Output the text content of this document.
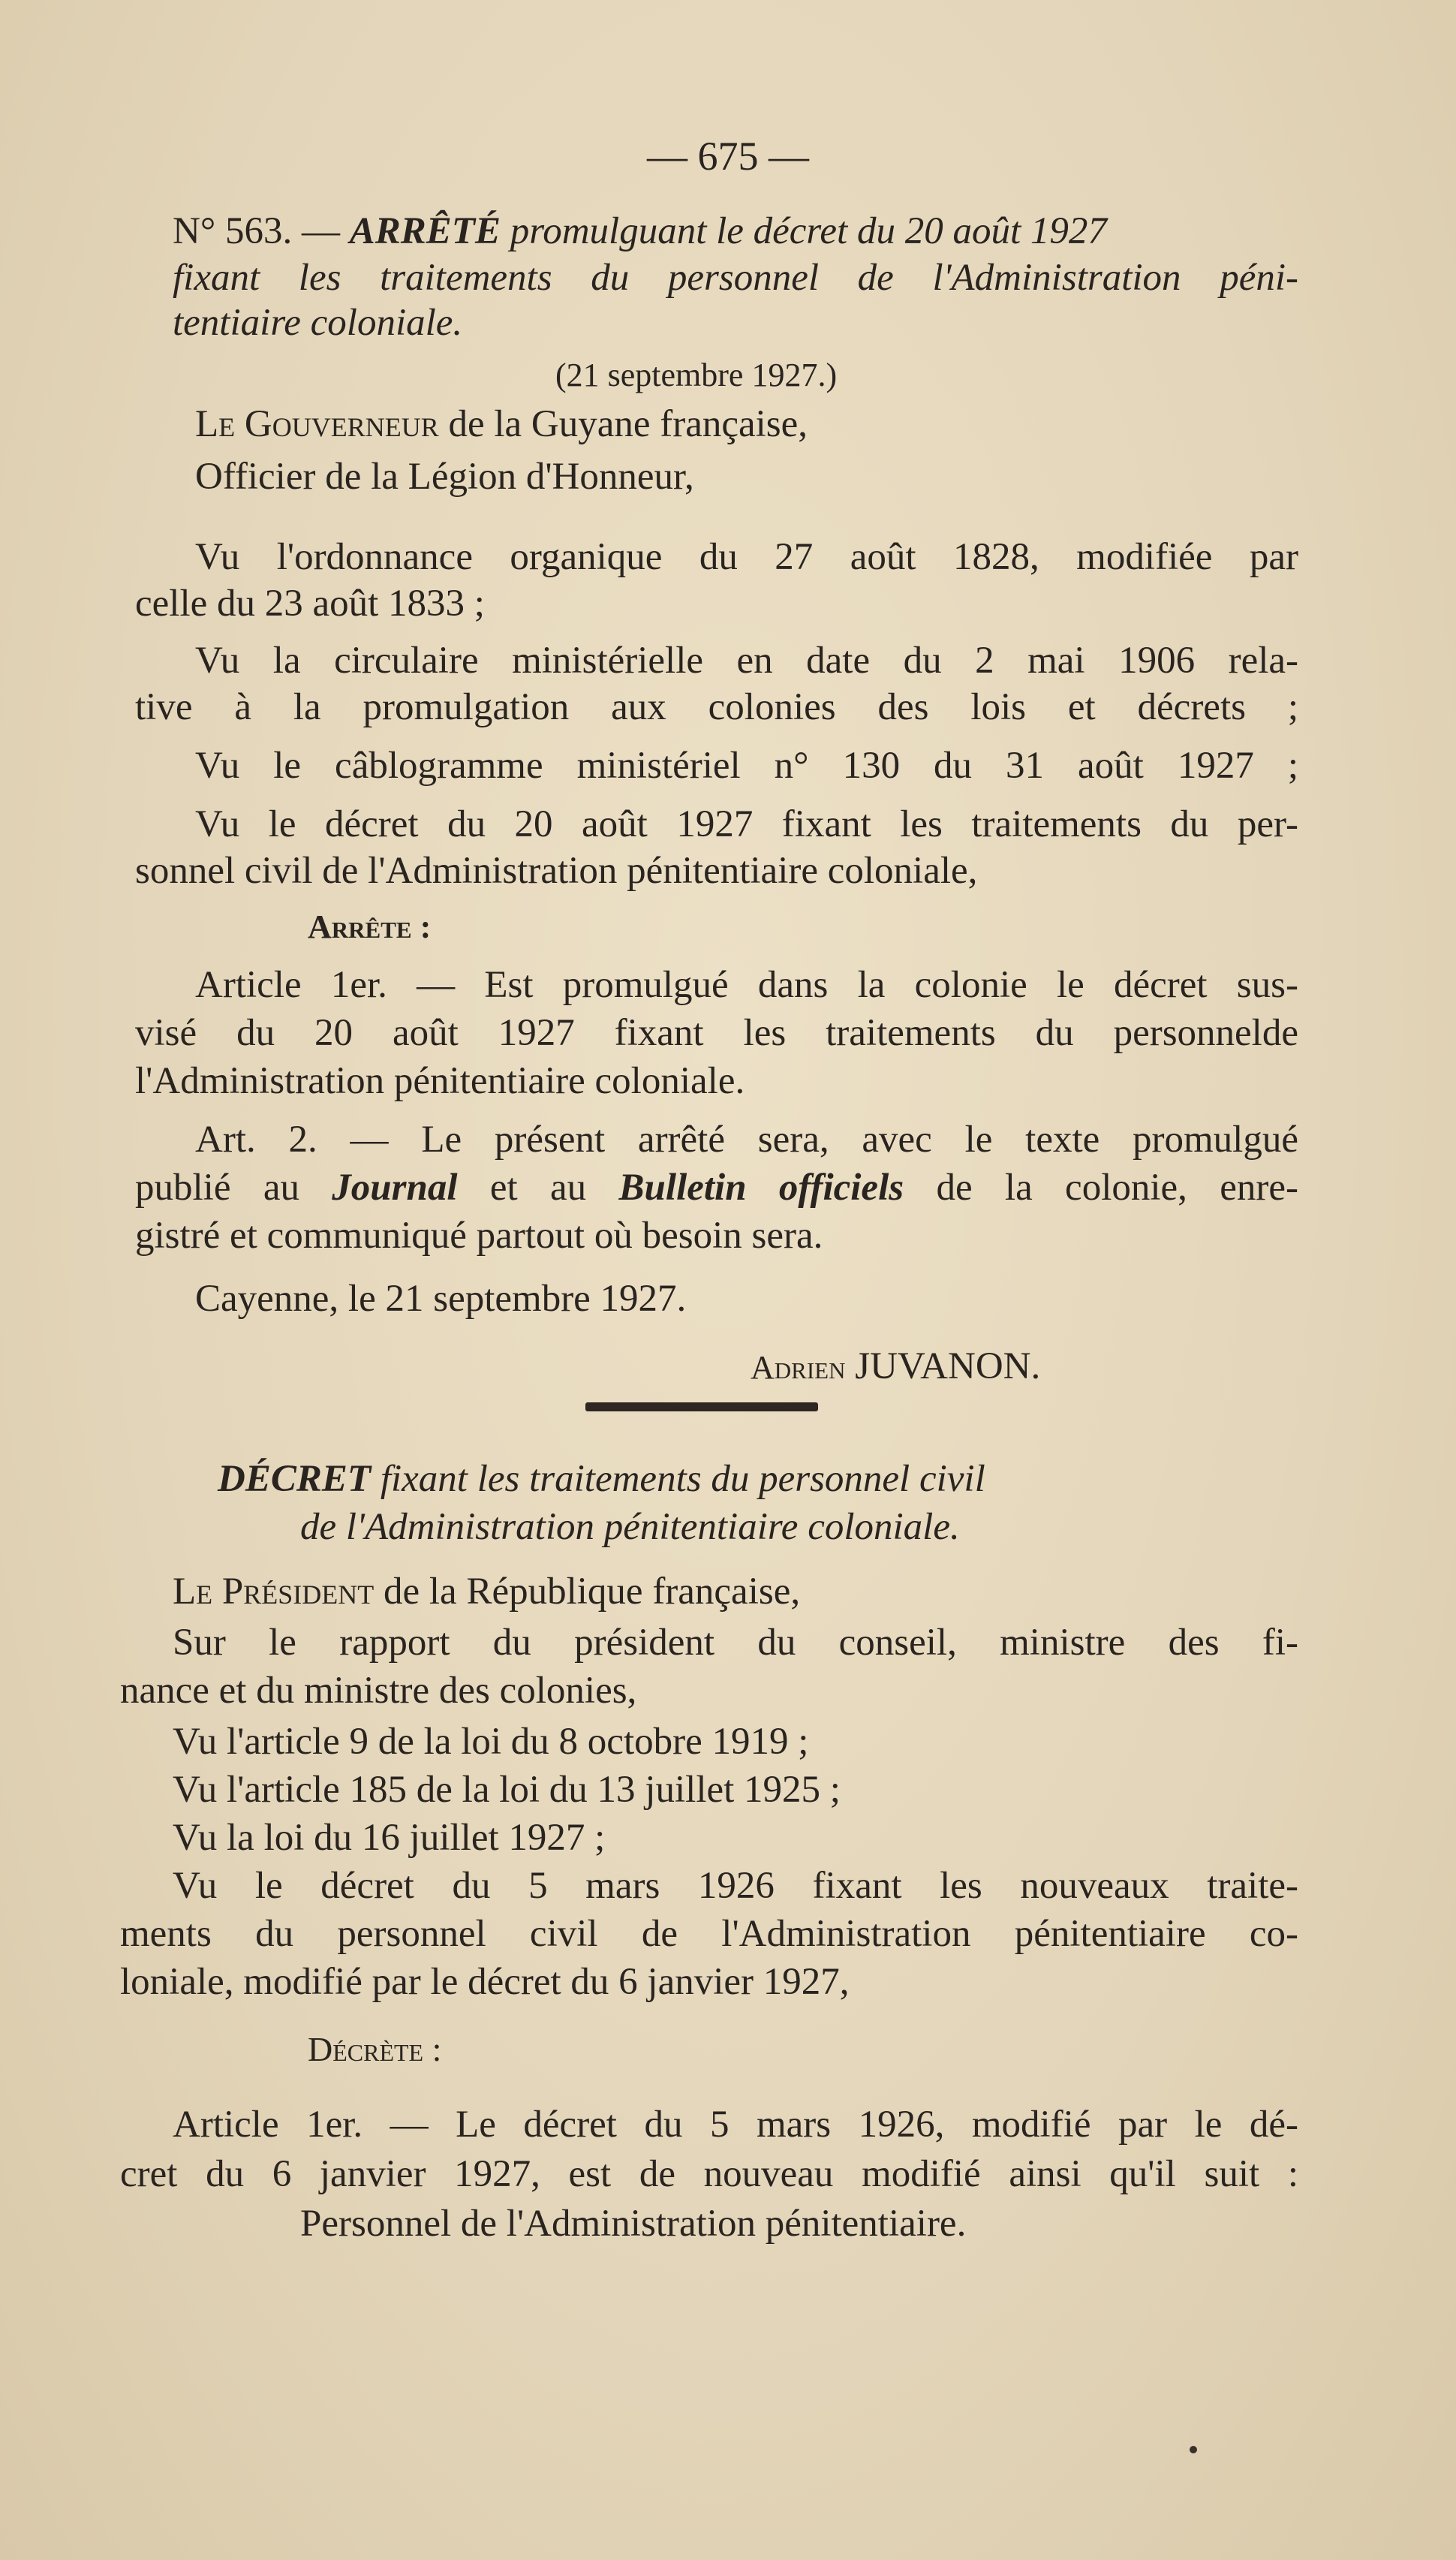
— 675 —
N° 563. — ARRÊTÉ promulguant le décret du 20 août 1927
fixant les traitements du personnel de l'Administration péni-
tentiaire coloniale.
(21 septembre 1927.)
Le Gouverneur de la Guyane française,
Officier de la Légion d'Honneur,
Vu l'ordonnance organique du 27 août 1828, modifiée par
celle du 23 août 1833 ;
Vu la circulaire ministérielle en date du 2 mai 1906 rela-
tive à la promulgation aux colonies des lois et décrets ;
Vu le câblogramme ministériel n° 130 du 31 août 1927 ;
Vu le décret du 20 août 1927 fixant les traitements du per-
sonnel civil de l'Administration pénitentiaire coloniale,
Arrête :
Article 1er. — Est promulgué dans la colonie le décret sus-
visé du 20 août 1927 fixant les traitements du personnelde
l'Administration pénitentiaire coloniale.
Art. 2. — Le présent arrêté sera, avec le texte promulgué
publié au Journal et au Bulletin officiels de la colonie, enre-
gistré et communiqué partout où besoin sera.
Cayenne, le 21 septembre 1927.
Adrien JUVANON.
DÉCRET fixant les traitements du personnel civil
de l'Administration pénitentiaire coloniale.
Le Président de la République française,
Sur le rapport du président du conseil, ministre des fi-
nance et du ministre des colonies,
Vu l'article 9 de la loi du 8 octobre 1919 ;
Vu l'article 185 de la loi du 13 juillet 1925 ;
Vu la loi du 16 juillet 1927 ;
Vu le décret du 5 mars 1926 fixant les nouveaux traite-
ments du personnel civil de l'Administration pénitentiaire co-
loniale, modifié par le décret du 6 janvier 1927,
Décrète :
Article 1er. — Le décret du 5 mars 1926, modifié par le dé-
cret du 6 janvier 1927, est de nouveau modifié ainsi qu'il suit :
Personnel de l'Administration pénitentiaire.
